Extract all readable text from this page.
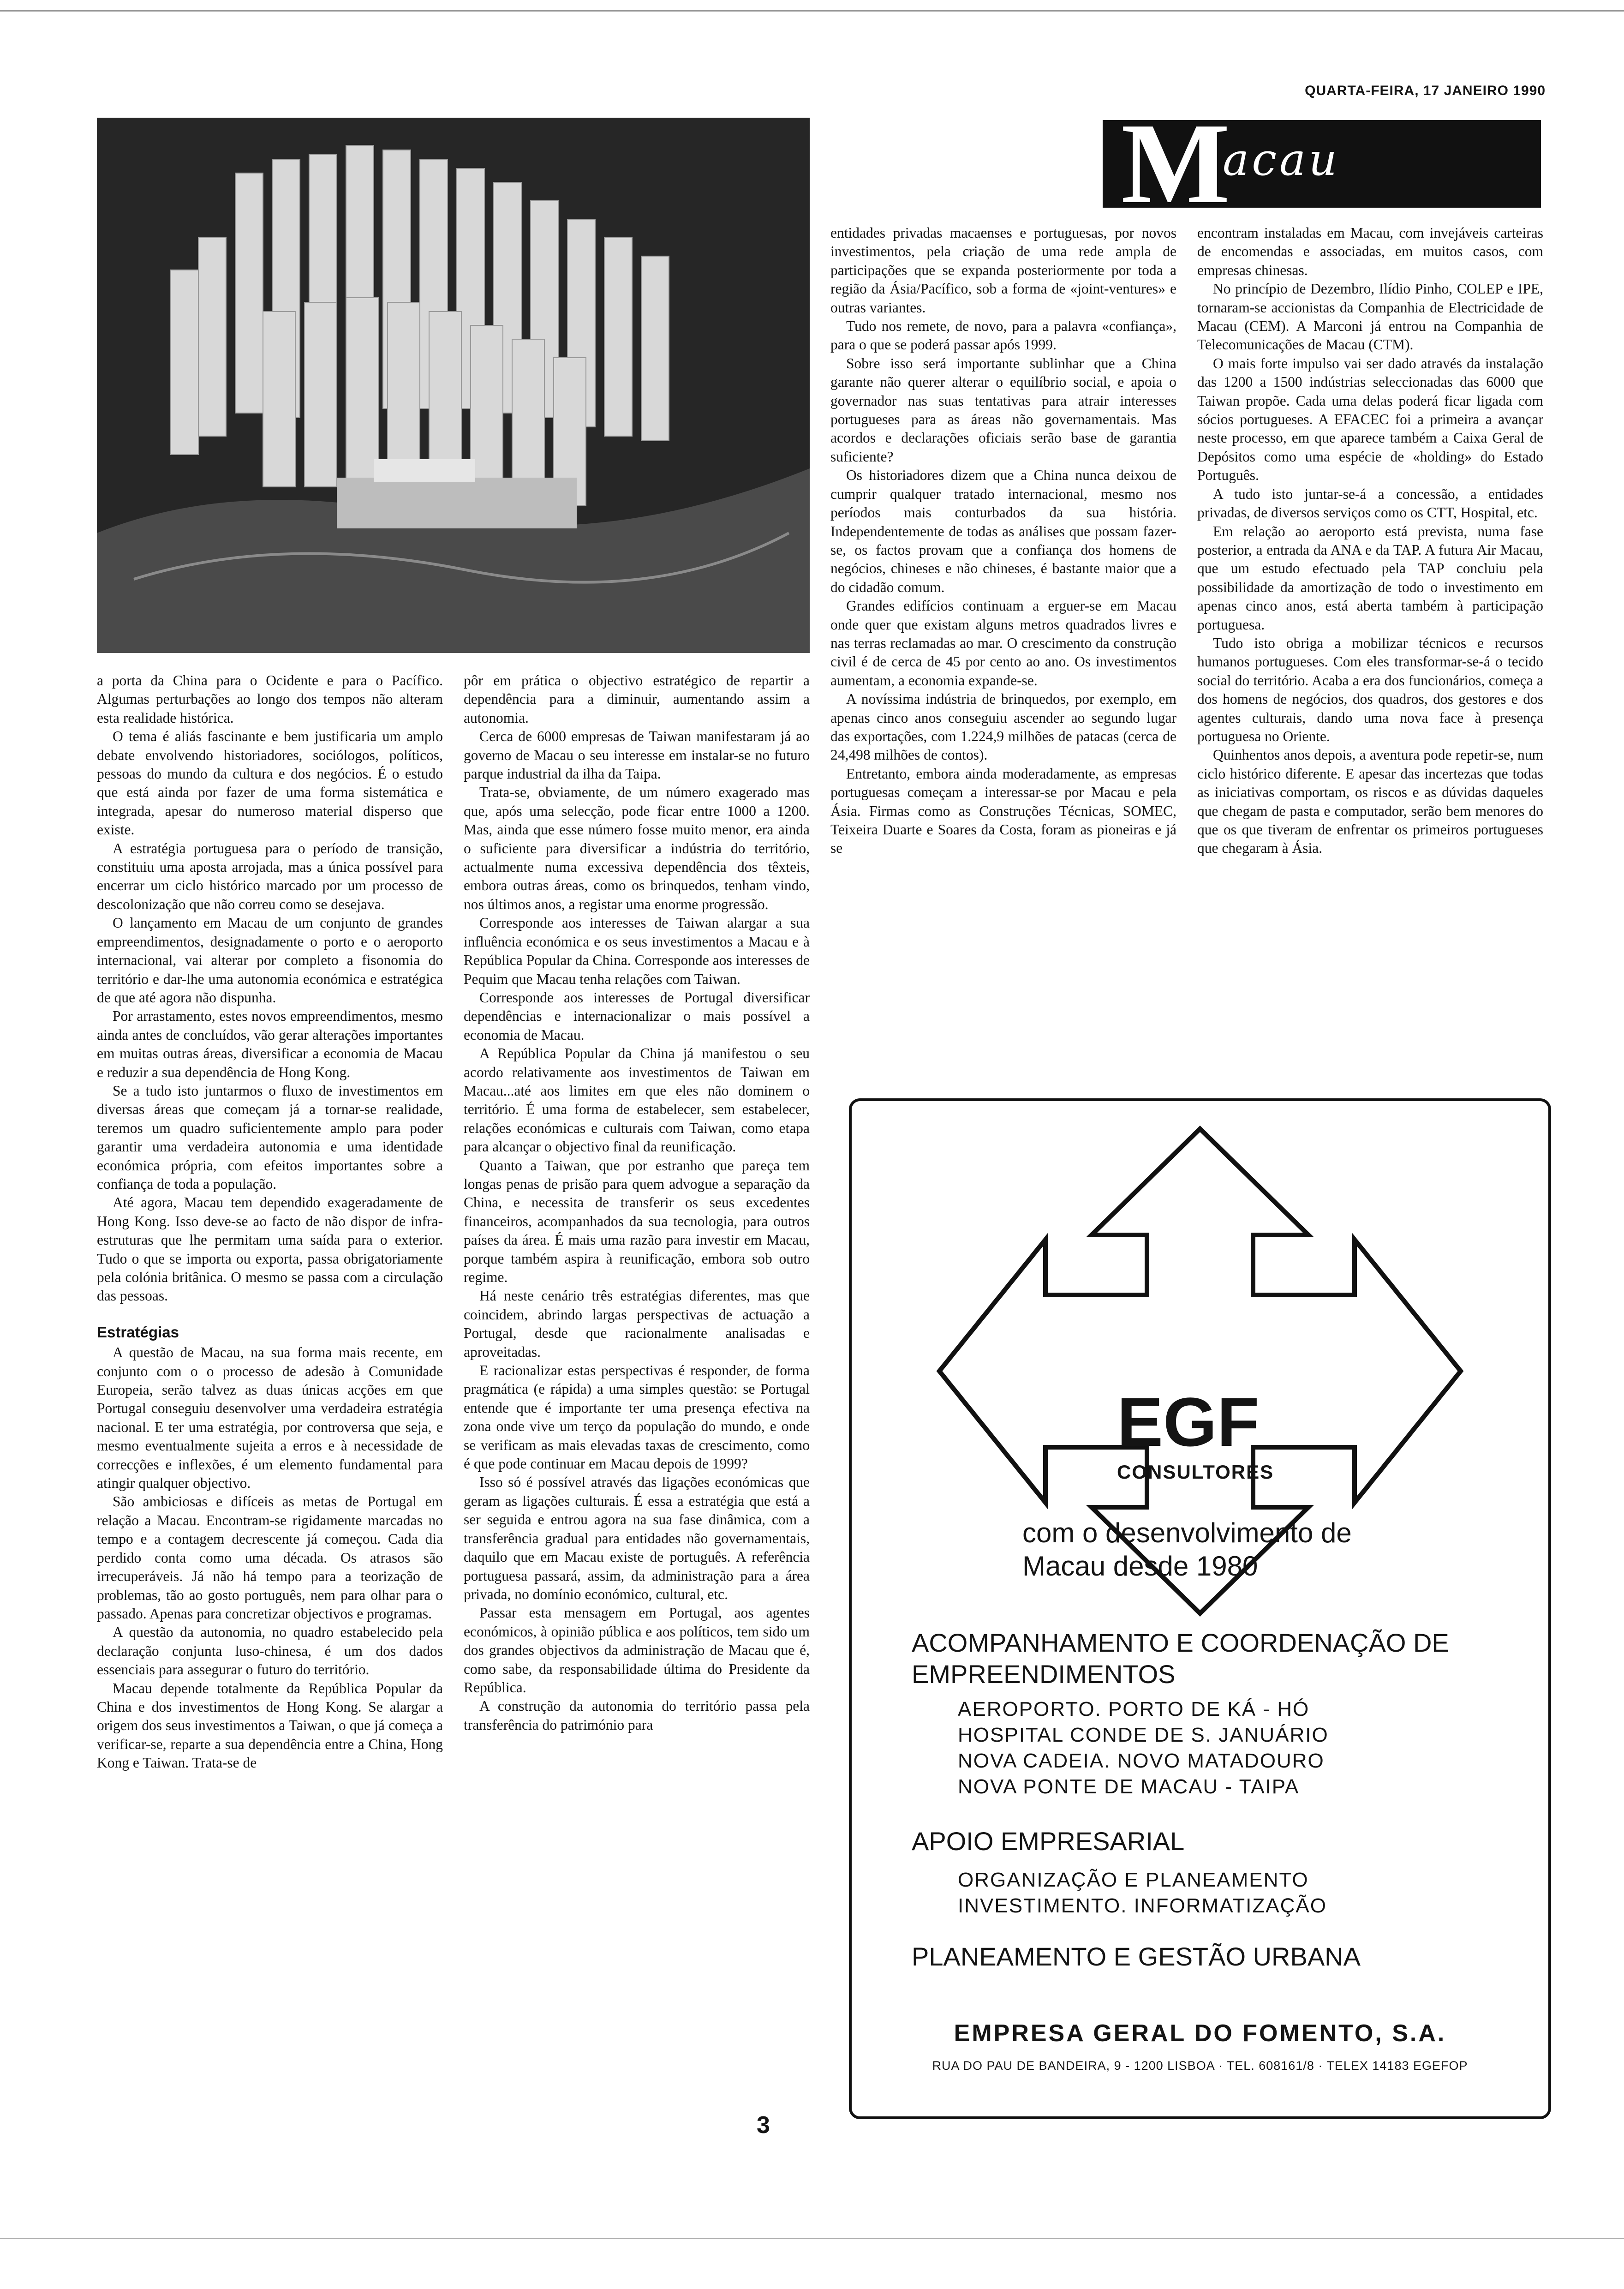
QUARTA-FEIRA, 17 JANEIRO 1990
M
acau

a porta da China para o Ocidente e para o Pacífico. Algumas perturbações ao longo dos tempos não alteram esta realidade histórica.

O tema é aliás fascinante e bem justificaria um amplo debate envolvendo historiadores, sociólogos, políticos, pessoas do mundo da cultura e dos negócios. É o estudo que está ainda por fazer de uma forma sistemática e integrada, apesar do numeroso material disperso que existe.

A estratégia portuguesa para o período de transição, constituiu uma aposta arrojada, mas a única possível para encerrar um ciclo histórico marcado por um processo de descolonização que não correu como se desejava.

O lançamento em Macau de um conjunto de grandes empreendimentos, designadamente o porto e o aeroporto internacional, vai alterar por completo a fisonomia do território e dar-lhe uma autonomia económica e estratégica de que até agora não dispunha.

Por arrastamento, estes novos empreendimentos, mesmo ainda antes de concluídos, vão gerar alterações importantes em muitas outras áreas, diversificar a economia de Macau e reduzir a sua dependência de Hong Kong.

Se a tudo isto juntarmos o fluxo de investimentos em diversas áreas que começam já a tornar-se realidade, teremos um quadro suficientemente amplo para poder garantir uma verdadeira autonomia e uma identidade económica própria, com efeitos importantes sobre a confiança de toda a população.

Até agora, Macau tem dependido exageradamente de Hong Kong. Isso deve-se ao facto de não dispor de infra-estruturas que lhe permitam uma saída para o exterior. Tudo o que se importa ou exporta, passa obrigatoriamente pela colónia britânica. O mesmo se passa com a circulação das pessoas.

Estratégias

A questão de Macau, na sua forma mais recente, em conjunto com o o processo de adesão à Comunidade Europeia, serão talvez as duas únicas acções em que Portugal conseguiu desenvolver uma verdadeira estratégia nacional. E ter uma estratégia, por controversa que seja, e mesmo eventualmente sujeita a erros e à necessidade de correcções e inflexões, é um elemento fundamental para atingir qualquer objectivo.

São ambiciosas e difíceis as metas de Portugal em relação a Macau. Encontram-se rigidamente marcadas no tempo e a contagem decrescente já começou. Cada dia perdido conta como uma década. Os atrasos são irrecuperáveis. Já não há tempo para a teorização de problemas, tão ao gosto português, nem para olhar para o passado. Apenas para concretizar objectivos e programas.

A questão da autonomia, no quadro estabelecido pela declaração conjunta luso-chinesa, é um dos dados essenciais para assegurar o futuro do território.

Macau depende totalmente da República Popular da China e dos investimentos de Hong Kong. Se alargar a origem dos seus investimentos a Taiwan, o que já começa a verificar-se, reparte a sua dependência entre a China, Hong Kong e Taiwan. Trata-se de

pôr em prática o objectivo estratégico de repartir a dependência para a diminuir, aumentando assim a autonomia.

Cerca de 6000 empresas de Taiwan manifestaram já ao governo de Macau o seu interesse em instalar-se no futuro parque industrial da ilha da Taipa.

Trata-se, obviamente, de um número exagerado mas que, após uma selecção, pode ficar entre 1000 a 1200. Mas, ainda que esse número fosse muito menor, era ainda o suficiente para diversificar a indústria do território, actualmente numa excessiva dependência dos têxteis, embora outras áreas, como os brinquedos, tenham vindo, nos últimos anos, a registar uma enorme progressão.

Corresponde aos interesses de Taiwan alargar a sua influência económica e os seus investimentos a Macau e à República Popular da China. Corresponde aos interesses de Pequim que Macau tenha relações com Taiwan.

Corresponde aos interesses de Portugal diversificar dependências e internacionalizar o mais possível a economia de Macau.

A República Popular da China já manifestou o seu acordo relativamente aos investimentos de Taiwan em Macau...até aos limites em que eles não dominem o território. É uma forma de estabelecer, sem estabelecer, relações económicas e culturais com Taiwan, como etapa para alcançar o objectivo final da reunificação.

Quanto a Taiwan, que por estranho que pareça tem longas penas de prisão para quem advogue a separação da China, e necessita de transferir os seus excedentes financeiros, acompanhados da sua tecnologia, para outros países da área. É mais uma razão para investir em Macau, porque também aspira à reunificação, embora sob outro regime.

Há neste cenário três estratégias diferentes, mas que coincidem, abrindo largas perspectivas de actuação a Portugal, desde que racionalmente analisadas e aproveitadas.

E racionalizar estas perspectivas é responder, de forma pragmática (e rápida) a uma simples questão: se Portugal entende que é importante ter uma presença efectiva na zona onde vive um terço da população do mundo, e onde se verificam as mais elevadas taxas de crescimento, como é que pode continuar em Macau depois de 1999?

Isso só é possível através das ligações económicas que geram as ligações culturais. É essa a estratégia que está a ser seguida e entrou agora na sua fase dinâmica, com a transferência gradual para entidades não governamentais, daquilo que em Macau existe de português. A referência portuguesa passará, assim, da administração para a área privada, no domínio económico, cultural, etc.

Passar esta mensagem em Portugal, aos agentes económicos, à opinião pública e aos políticos, tem sido um dos grandes objectivos da administração de Macau que é, como sabe, da responsabilidade última do Presidente da República.

A construção da autonomia do território passa pela transferência do património para

entidades privadas macaenses e portuguesas, por novos investimentos, pela criação de uma rede ampla de participações que se expanda posteriormente por toda a região da Ásia/Pacífico, sob a forma de «joint-ventures» e outras variantes.

Tudo nos remete, de novo, para a palavra «confiança», para o que se poderá passar após 1999.

Sobre isso será importante sublinhar que a China garante não querer alterar o equilíbrio social, e apoia o governador nas suas tentativas para atrair interesses portugueses para as áreas não governamentais. Mas acordos e declarações oficiais serão base de garantia suficiente?

Os historiadores dizem que a China nunca deixou de cumprir qualquer tratado internacional, mesmo nos períodos mais conturbados da sua história. Independentemente de todas as análises que possam fazer-se, os factos provam que a confiança dos homens de negócios, chineses e não chineses, é bastante maior que a do cidadão comum.

Grandes edifícios continuam a erguer-se em Macau onde quer que existam alguns metros quadrados livres e nas terras reclamadas ao mar. O crescimento da construção civil é de cerca de 45 por cento ao ano. Os investimentos aumentam, a economia expande-se.

A novíssima indústria de brinquedos, por exemplo, em apenas cinco anos conseguiu ascender ao segundo lugar das exportações, com 1.224,9 milhões de patacas (cerca de 24,498 milhões de contos).

Entretanto, embora ainda moderadamente, as empresas portuguesas começam a interessar-se por Macau e pela Ásia. Firmas como as Construções Técnicas, SOMEC, Teixeira Duarte e Soares da Costa, foram as pioneiras e já se

encontram instaladas em Macau, com invejáveis carteiras de encomendas e associadas, em muitos casos, com empresas chinesas.

No princípio de Dezembro, Ilídio Pinho, COLEP e IPE, tornaram-se accionistas da Companhia de Electricidade de Macau (CEM). A Marconi já entrou na Companhia de Telecomunicações de Macau (CTM).

O mais forte impulso vai ser dado através da instalação das 1200 a 1500 indústrias seleccionadas das 6000 que Taiwan propõe. Cada uma delas poderá ficar ligada com sócios portugueses. A EFACEC foi a primeira a avançar neste processo, em que aparece também a Caixa Geral de Depósitos como uma espécie de «holding» do Estado Português.

A tudo isto juntar-se-á a concessão, a entidades privadas, de diversos serviços como os CTT, Hospital, etc.

Em relação ao aeroporto está prevista, numa fase posterior, a entrada da ANA e da TAP. A futura Air Macau, que um estudo efectuado pela TAP concluiu pela possibilidade da amortização de todo o investimento em apenas cinco anos, está aberta também à participação portuguesa.

Tudo isto obriga a mobilizar técnicos e recursos humanos portugueses. Com eles transformar-se-á o tecido social do território. Acaba a era dos funcionários, começa a dos homens de negócios, dos quadros, dos gestores e dos agentes culturais, dando uma nova face à presença portuguesa no Oriente.

Quinhentos anos depois, a aventura pode repetir-se, num ciclo histórico diferente. E apesar das incertezas que todas as iniciativas comportam, os riscos e as dúvidas daqueles que chegam de pasta e computador, serão bem menores do que os que tiveram de enfrentar os primeiros portugueses que chegaram à Ásia.

EGF
CONSULTORES
com o desenvolvimento de Macau desde 1980
ACOMPANHAMENTO E COORDENAÇÃO DE EMPREENDIMENTOS
AEROPORTO. PORTO DE KÁ - HÓ
HOSPITAL CONDE DE S. JANUÁRIO
NOVA CADEIA. NOVO MATADOURO
NOVA PONTE DE MACAU - TAIPA
APOIO EMPRESARIAL
ORGANIZAÇÃO E PLANEAMENTO
INVESTIMENTO. INFORMATIZAÇÃO
PLANEAMENTO E GESTÃO URBANA
EMPRESA GERAL DO FOMENTO, S.A.
RUA DO PAU DE BANDEIRA, 9 - 1200 LISBOA · TEL. 608161/8 · TELEX 14183 EGEFOP
3
